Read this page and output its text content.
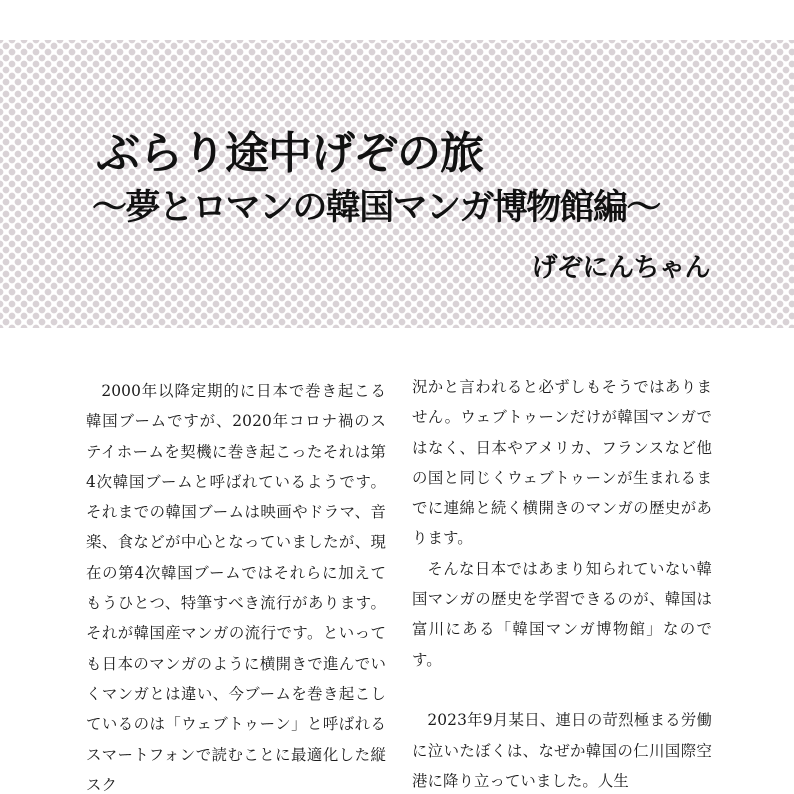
ぶらり途中げぞの旅
～夢とロマンの韓国マンガ博物館編～
げぞにんちゃん

2000年以降定期的に日本で巻き起こる韓国ブームですが、2020年コロナ禍のステイホームを契機に巻き起こったそれは第4次韓国ブームと呼ばれているようです。それまでの韓国ブームは映画やドラマ、音楽、食などが中心となっていましたが、現在の第4次韓国ブームではそれらに加えてもうひとつ、特筆すべき流行があります。それが韓国産マンガの流行です。といっても日本のマンガのように横開きで進んでいくマンガとは違い、今ブームを巻き起こしているのは「ウェブトゥーン」と呼ばれるスマートフォンで読むことに最適化した縦スク

況かと言われると必ずしもそうではありません。ウェブトゥーンだけが韓国マンガではなく、日本やアメリカ、フランスなど他の国と同じくウェブトゥーンが生まれるまでに連綿と続く横開きのマンガの歴史があります。

そんな日本ではあまり知られていない韓国マンガの歴史を学習できるのが、韓国は富川にある「韓国マンガ博物館」なのです。

2023年9月某日、連日の苛烈極まる労働に泣いたぼくは、なぜか韓国の仁川国際空港に降り立っていました。人生
